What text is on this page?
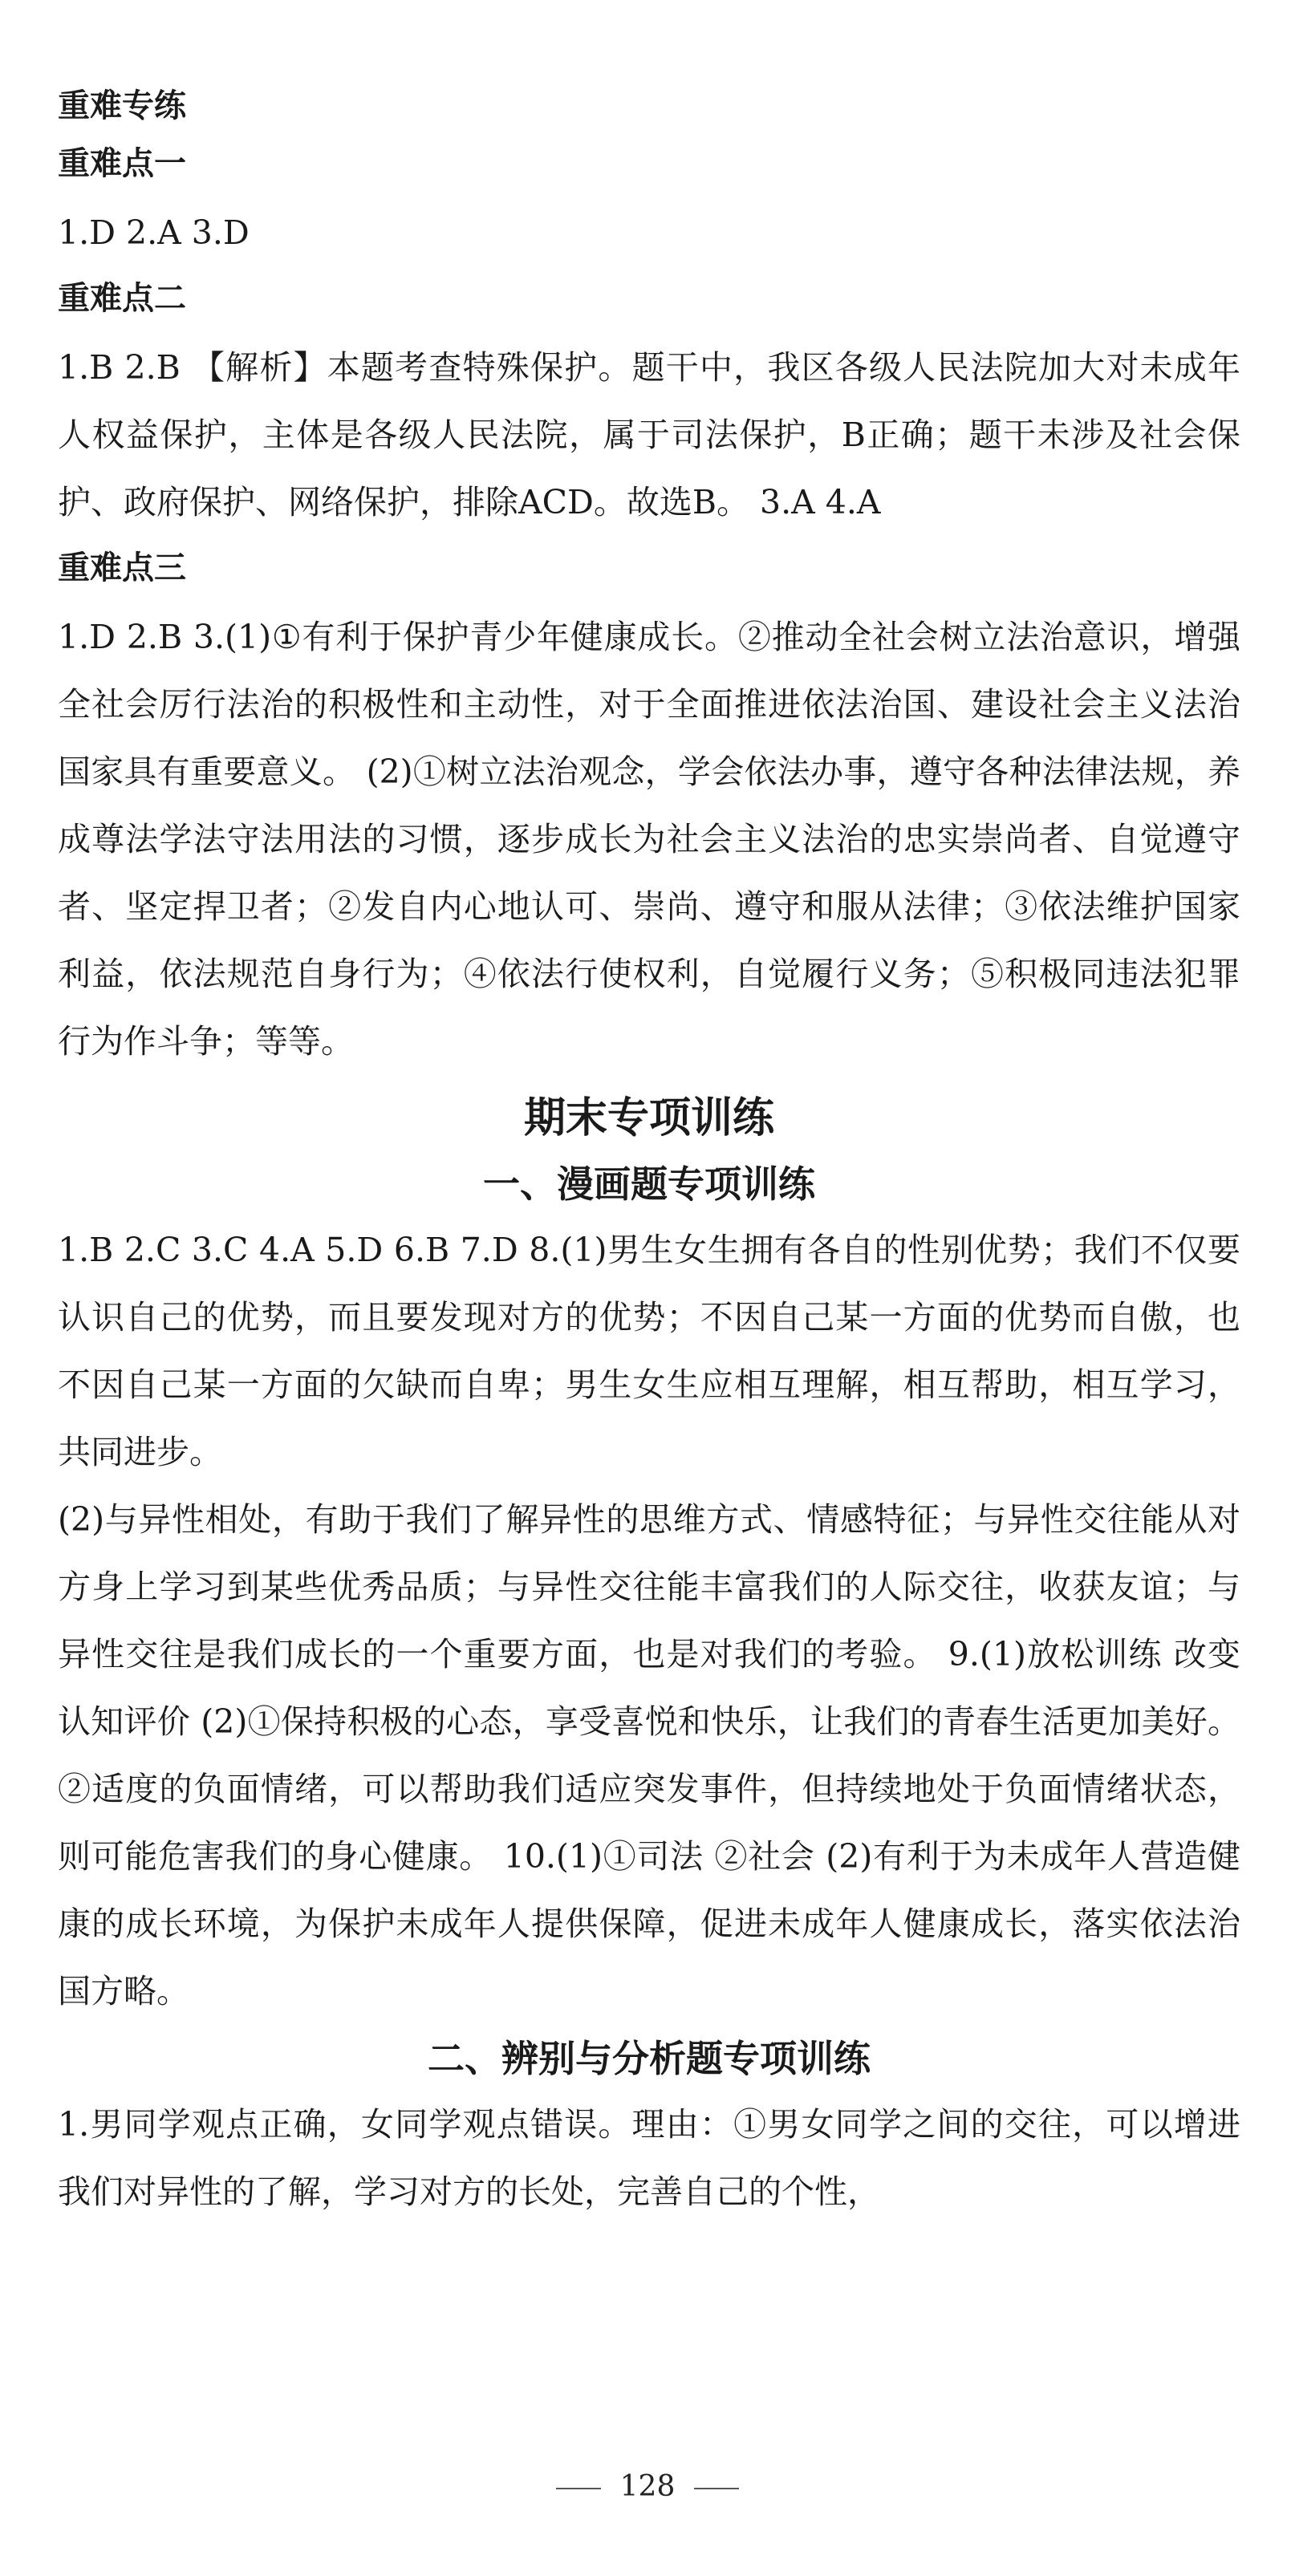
重难专练
重难点一

1.D 2.A 3.D

重难点二

1.B 2.B 【解析】本题考查特殊保护。题干中，我区各级人民法院加大对未成年人权益保护，主体是各级人民法院，属于司法保护，B正确；题干未涉及社会保护、政府保护、网络保护，排除ACD。故选B。 3.A 4.A

重难点三

1.D 2.B 3.(1)①有利于保护青少年健康成长。②推动全社会树立法治意识，增强全社会厉行法治的积极性和主动性，对于全面推进依法治国、建设社会主义法治国家具有重要意义。 (2)①树立法治观念，学会依法办事，遵守各种法律法规，养成尊法学法守法用法的习惯，逐步成长为社会主义法治的忠实崇尚者、自觉遵守者、坚定捍卫者；②发自内心地认可、崇尚、遵守和服从法律；③依法维护国家利益，依法规范自身行为；④依法行使权利，自觉履行义务；⑤积极同违法犯罪行为作斗争；等等。

期末专项训练
一、漫画题专项训练

1.B 2.C 3.C 4.A 5.D 6.B 7.D 8.(1)男生女生拥有各自的性别优势；我们不仅要认识自己的优势，而且要发现对方的优势；不因自己某一方面的优势而自傲，也不因自己某一方面的欠缺而自卑；男生女生应相互理解，相互帮助，相互学习，共同进步。

(2)与异性相处，有助于我们了解异性的思维方式、情感特征；与异性交往能从对方身上学习到某些优秀品质；与异性交往能丰富我们的人际交往，收获友谊；与异性交往是我们成长的一个重要方面，也是对我们的考验。 9.(1)放松训练 改变认知评价 (2)①保持积极的心态，享受喜悦和快乐，让我们的青春生活更加美好。②适度的负面情绪，可以帮助我们适应突发事件，但持续地处于负面情绪状态，则可能危害我们的身心健康。 10.(1)①司法 ②社会 (2)有利于为未成年人营造健康的成长环境，为保护未成年人提供保障，促进未成年人健康成长，落实依法治国方略。

二、辨别与分析题专项训练

1.男同学观点正确，女同学观点错误。理由：①男女同学之间的交往，可以增进我们对异性的了解，学习对方的长处，完善自己的个性，

128
